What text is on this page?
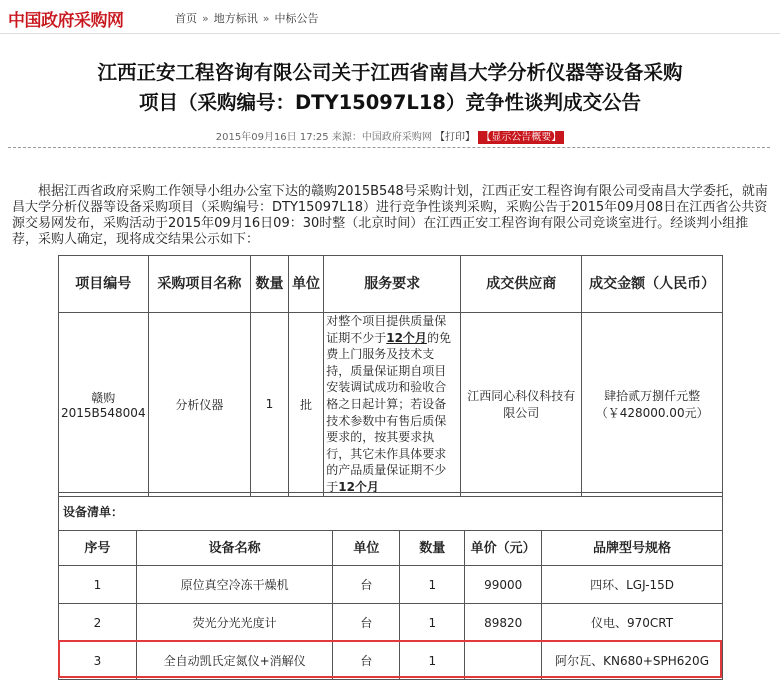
中国政府采购网	首页 » 地方标讯 » 中标公告
江西正安工程咨询有限公司关于江西省南昌大学分析仪器等设备采购
项目（采购编号：DTY15097L18）竞争性谈判成交公告
2015年09月16日 17:25 来源：中国政府采购网 【打印】 【显示公告概要】
　　根据江西省政府采购工作领导小组办公室下达的赣购2015B548号采购计划，江西正安工程咨询有限公司受南昌大学委托，就南昌大学分析仪器等设备采购项目（采购编号：DTY15097L18）进行竞争性谈判采购，采购公告于2015年09月08日在江西省公共资源交易网发布，采购活动于2015年09月16日09：30时整（北京时间）在江西正安工程咨询有限公司竞谈室进行。经谈判小组推荐，采购人确定，现将成交结果公示如下：
项目编号	采购项目名称	数量	单位	服务要求	成交供应商	成交金额（人民币）
赣购2015B548004	分析仪器	1	批	对整个项目提供质量保证期不少于12个月的免费上门服务及技术支持，质量保证期自项目安装调试成功和验收合格之日起计算；若设备技术参数中有售后质保要求的，按其要求执行，其它未作具体要求的产品质量保证期不少于12个月	江西同心科仪科技有限公司	肆拾贰万捌仟元整（￥428000.00元）
设备清单：					
序号	设备名称	单位	数量	单价（元）	品牌型号规格
1	原位真空冷冻干燥机	台	1	99000	四环、LGJ-15D
2	荧光分光光度计	台	1	89820	仪电、970CRT
3	全自动凯氏定氮仪+消解仪	台	1		阿尔瓦、KN680+SPH620G
